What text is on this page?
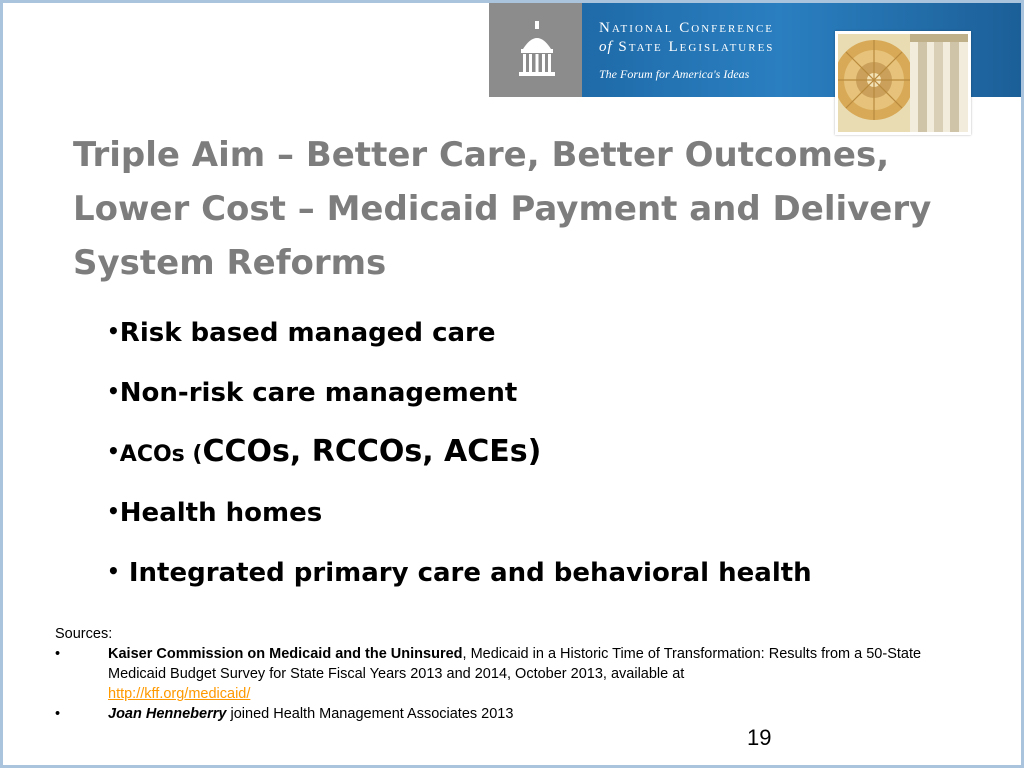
National Conference
of State Legislatures
The Forum for America's Ideas
Triple Aim – Better Care, Better Outcomes, Lower Cost – Medicaid Payment and Delivery System Reforms
•Risk based managed care
•Non-risk care management
•ACOs (CCOs, RCCOs, ACEs)
•Health homes
• Integrated primary care and behavioral health
Sources:
•	Kaiser Commission on Medicaid and the Uninsured, Medicaid in a Historic Time of Transformation: Results from a 50-State Medicaid Budget Survey for State Fiscal Years 2013 and 2014, October 2013, available at
http://kff.org/medicaid/
•	Joan Henneberry joined Health Management Associates 2013
19
